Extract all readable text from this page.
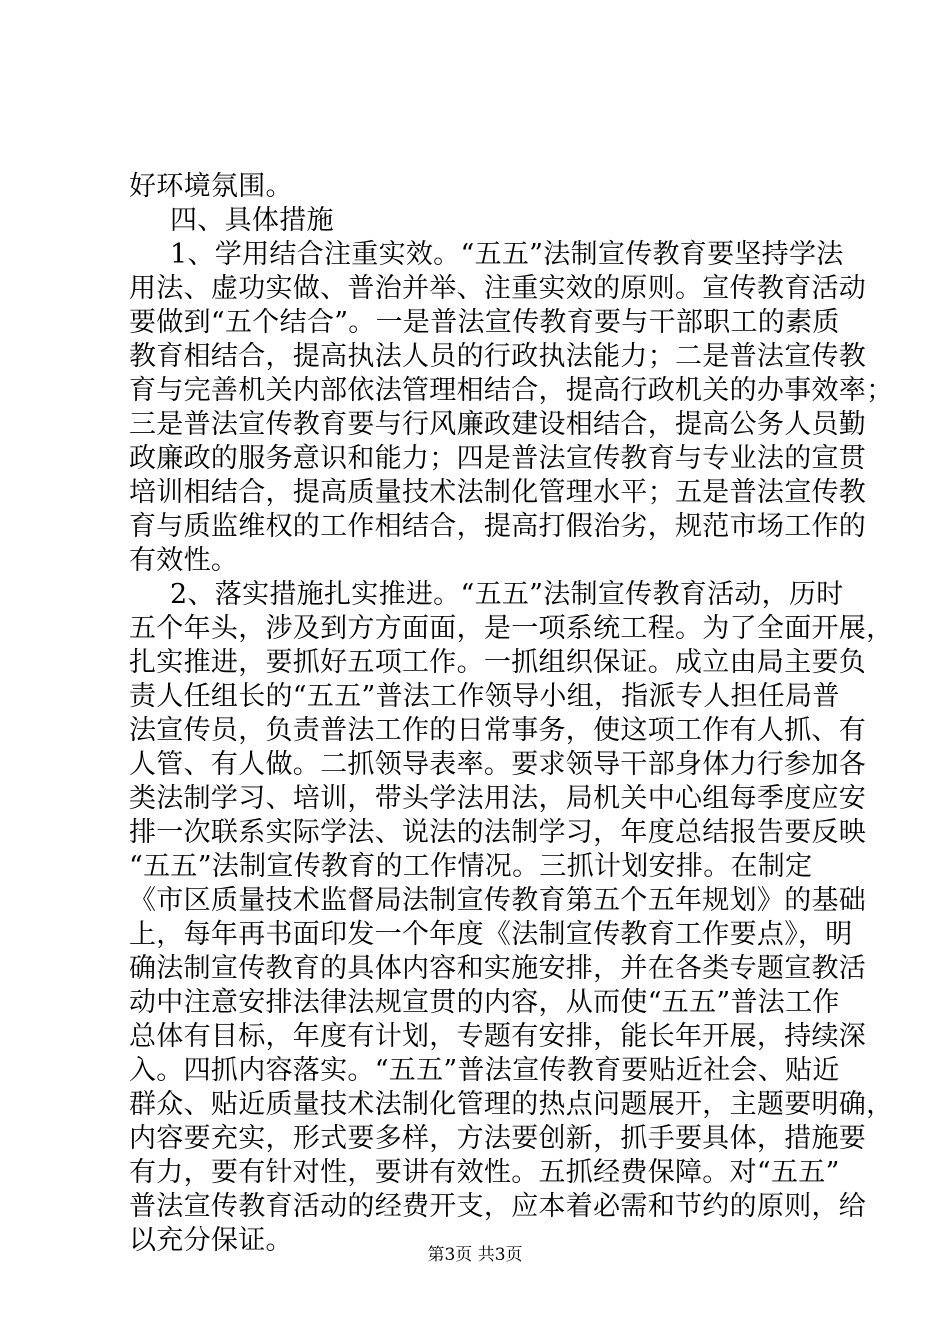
好环境氛围。
四、具体措施
1、学用结合注重实效。“五五”法制宣传教育要坚持学法
用法、虚功实做、普治并举、注重实效的原则。宣传教育活动
要做到“五个结合”。一是普法宣传教育要与干部职工的素质
教育相结合，提高执法人员的行政执法能力；二是普法宣传教
育与完善机关内部依法管理相结合，提高行政机关的办事效率；
三是普法宣传教育要与行风廉政建设相结合，提高公务人员勤
政廉政的服务意识和能力；四是普法宣传教育与专业法的宣贯
培训相结合，提高质量技术法制化管理水平；五是普法宣传教
育与质监维权的工作相结合，提高打假治劣，规范市场工作的
有效性。
2、落实措施扎实推进。“五五”法制宣传教育活动，历时
五个年头，涉及到方方面面，是一项系统工程。为了全面开展，
扎实推进，要抓好五项工作。一抓组织保证。成立由局主要负
责人任组长的“五五”普法工作领导小组，指派专人担任局普
法宣传员，负责普法工作的日常事务，使这项工作有人抓、有
人管、有人做。二抓领导表率。要求领导干部身体力行参加各
类法制学习、培训，带头学法用法，局机关中心组每季度应安
排一次联系实际学法、说法的法制学习，年度总结报告要反映
“五五”法制宣传教育的工作情况。三抓计划安排。在制定
《市区质量技术监督局法制宣传教育第五个五年规划》的基础
上，每年再书面印发一个年度《法制宣传教育工作要点》，明
确法制宣传教育的具体内容和实施安排，并在各类专题宣教活
动中注意安排法律法规宣贯的内容，从而使“五五”普法工作
总体有目标，年度有计划，专题有安排，能长年开展，持续深
入。四抓内容落实。“五五”普法宣传教育要贴近社会、贴近
群众、贴近质量技术法制化管理的热点问题展开，主题要明确，
内容要充实，形式要多样，方法要创新，抓手要具体，措施要
有力，要有针对性，要讲有效性。五抓经费保障。对“五五”
普法宣传教育活动的经费开支，应本着必需和节约的原则，给
以充分保证。	第3页 共3页
